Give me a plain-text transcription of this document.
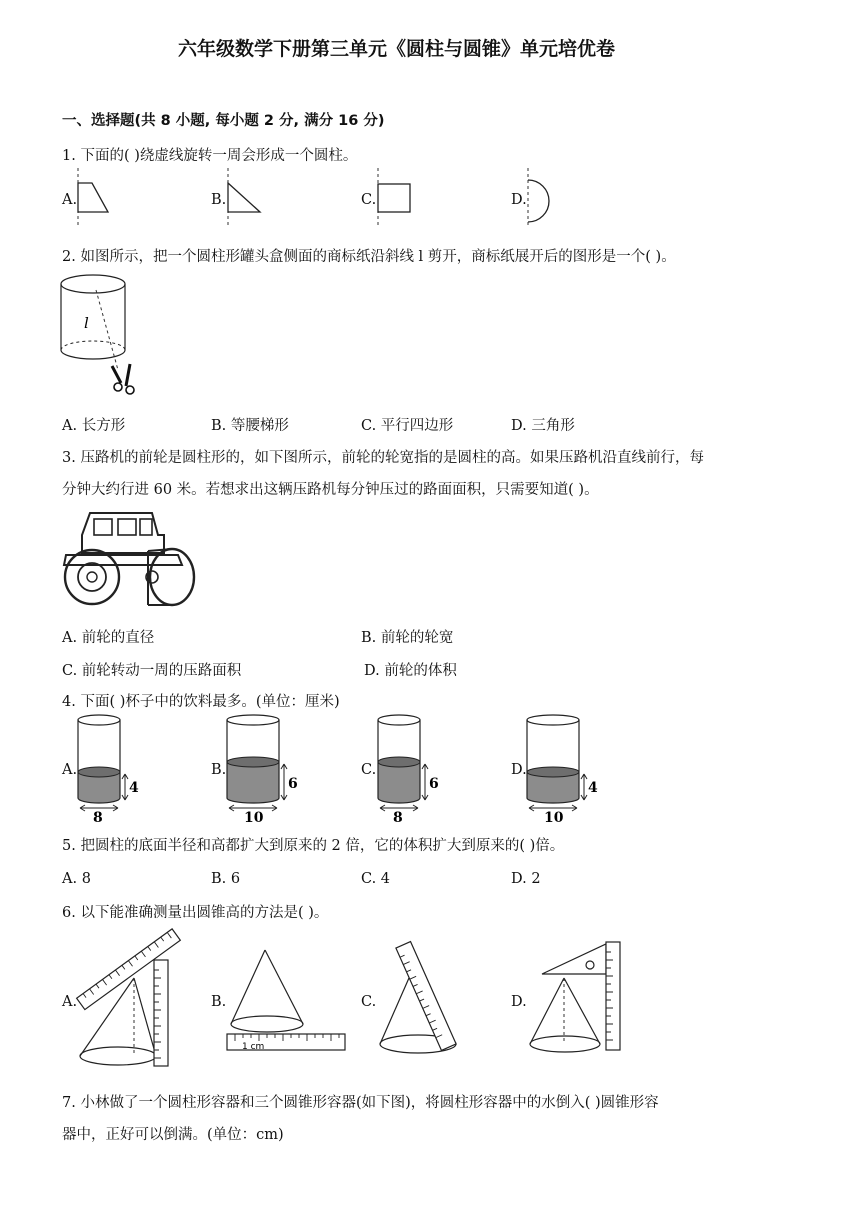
六年级数学下册第三单元《圆柱与圆锥》单元培优卷
一、选择题(共 8 小题, 每小题 2 分, 满分 16 分)
1. 下面的( )绕虚线旋转一周会形成一个圆柱。
A.	B.	C.	D.
2. 如图所示，把一个圆柱形罐头盒侧面的商标纸沿斜线 l 剪开，商标纸展开后的图形是一个( )。
l
A. 长方形	B. 等腰梯形	C. 平行四边形	D. 三角形
3. 压路机的前轮是圆柱形的，如下图所示，前轮的轮宽指的是圆柱的高。如果压路机沿直线前行，每
分钟大约行进 60 米。若想求出这辆压路机每分钟压过的路面面积，只需要知道( )。
A. 前轮的直径	B. 前轮的轮宽
C. 前轮转动一周的压路面积	D. 前轮的体积
4. 下面( )杯子中的饮料最多。(单位：厘米)
A.
8
4
B.
10
6
C.
8
6
D.
10
4
5. 把圆柱的底面半径和高都扩大到原来的 2 倍，它的体积扩大到原来的( )倍。
A. 8	B. 6	C. 4	D. 2
6. 以下能准确测量出圆锥高的方法是( )。
A.	B.
1 cm
C.	D.
7. 小林做了一个圆柱形容器和三个圆锥形容器(如下图)，将圆柱形容器中的水倒入( )圆锥形容
器中，正好可以倒满。(单位：cm)
